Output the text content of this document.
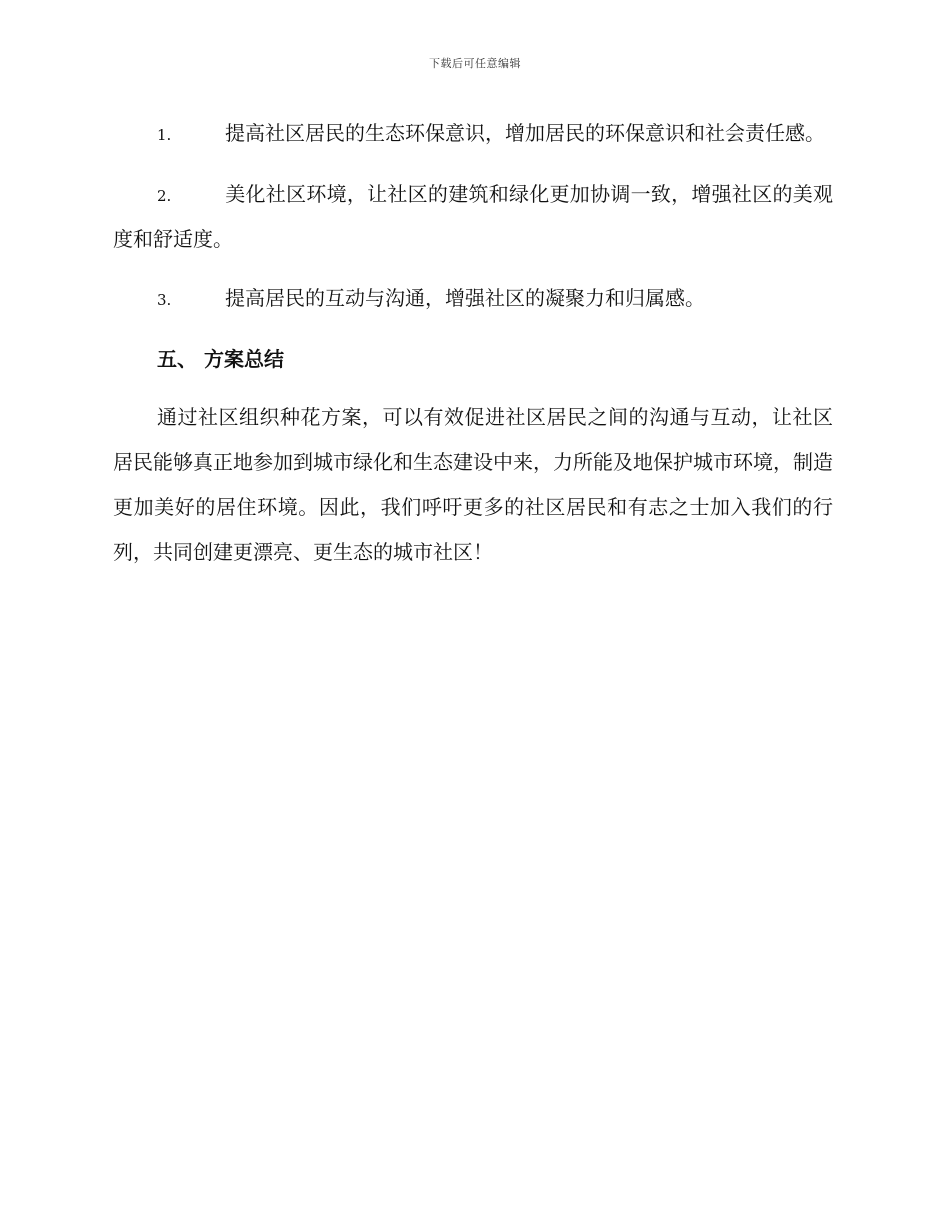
下载后可任意编辑

1.	提高社区居民的生态环保意识，增加居民的环保意识和社会责任感。

2.	美化社区环境，让社区的建筑和绿化更加协调一致，增强社区的美观度和舒适度。

3.	提高居民的互动与沟通，增强社区的凝聚力和归属感。

五、 方案总结

通过社区组织种花方案，可以有效促进社区居民之间的沟通与互动，让社区居民能够真正地参加到城市绿化和生态建设中来，力所能及地保护城市环境，制造更加美好的居住环境。因此，我们呼吁更多的社区居民和有志之士加入我们的行列，共同创建更漂亮、更生态的城市社区！
